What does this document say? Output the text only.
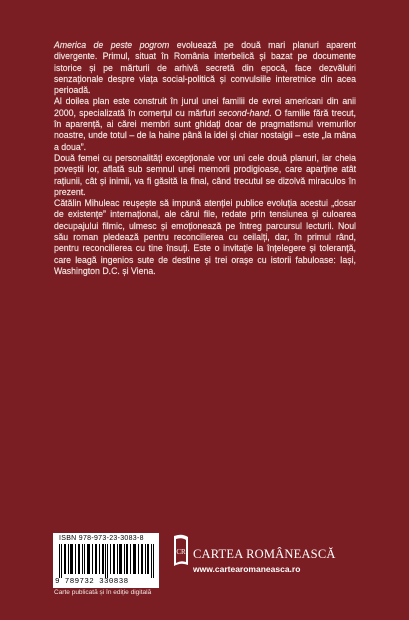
America de peste pogrom evoluează pe două mari planuri aparent divergente. Primul, situat în România interbelică și bazat pe documente istorice și pe mărturii de arhivă secretă din epocă, face dezvăluiri senzaționale despre viața social-politică și convulsiile interetnice din acea perioadă.

Al doilea plan este construit în jurul unei familii de evrei americani din anii 2000, specializată în comerțul cu mărfuri second-hand. O familie fără trecut, în aparență, ai cărei membri sunt ghidați doar de pragmatismul vremurilor noastre, unde totul – de la haine până la idei și chiar nostalgii – este „la mâna a doua”.

Două femei cu personalități excepționale vor uni cele două planuri, iar cheia poveștii lor, aflată sub semnul unei memorii prodigioase, care aparține atât rațiunii, cât și inimii, va fi găsită la final, când trecutul se dizolvă miraculos în prezent.

Cătălin Mihuleac reușește să impună atenției publice evoluția acestui „dosar de existențe” internațional, ale cărui file, redate prin tensiunea și culoarea decupajului filmic, ulmesc și emoționează pe întreg parcursul lecturii. Noul său roman pledează pentru reconcilierea cu ceilalți, dar, în primul rând, pentru reconcilierea cu tine însuți. Este o invitație la înțelegere și toleranță, care leagă ingenios sute de destine și trei orașe cu istorii fabuloase: Iași, Washington D.C. și Viena.

ISBN 978-973-23-3083-8
9 789732 330838
Carte publicată și în ediție digitală
CR CARTEA ROMÂNEASCĂ
www.cartearomaneasca.ro
